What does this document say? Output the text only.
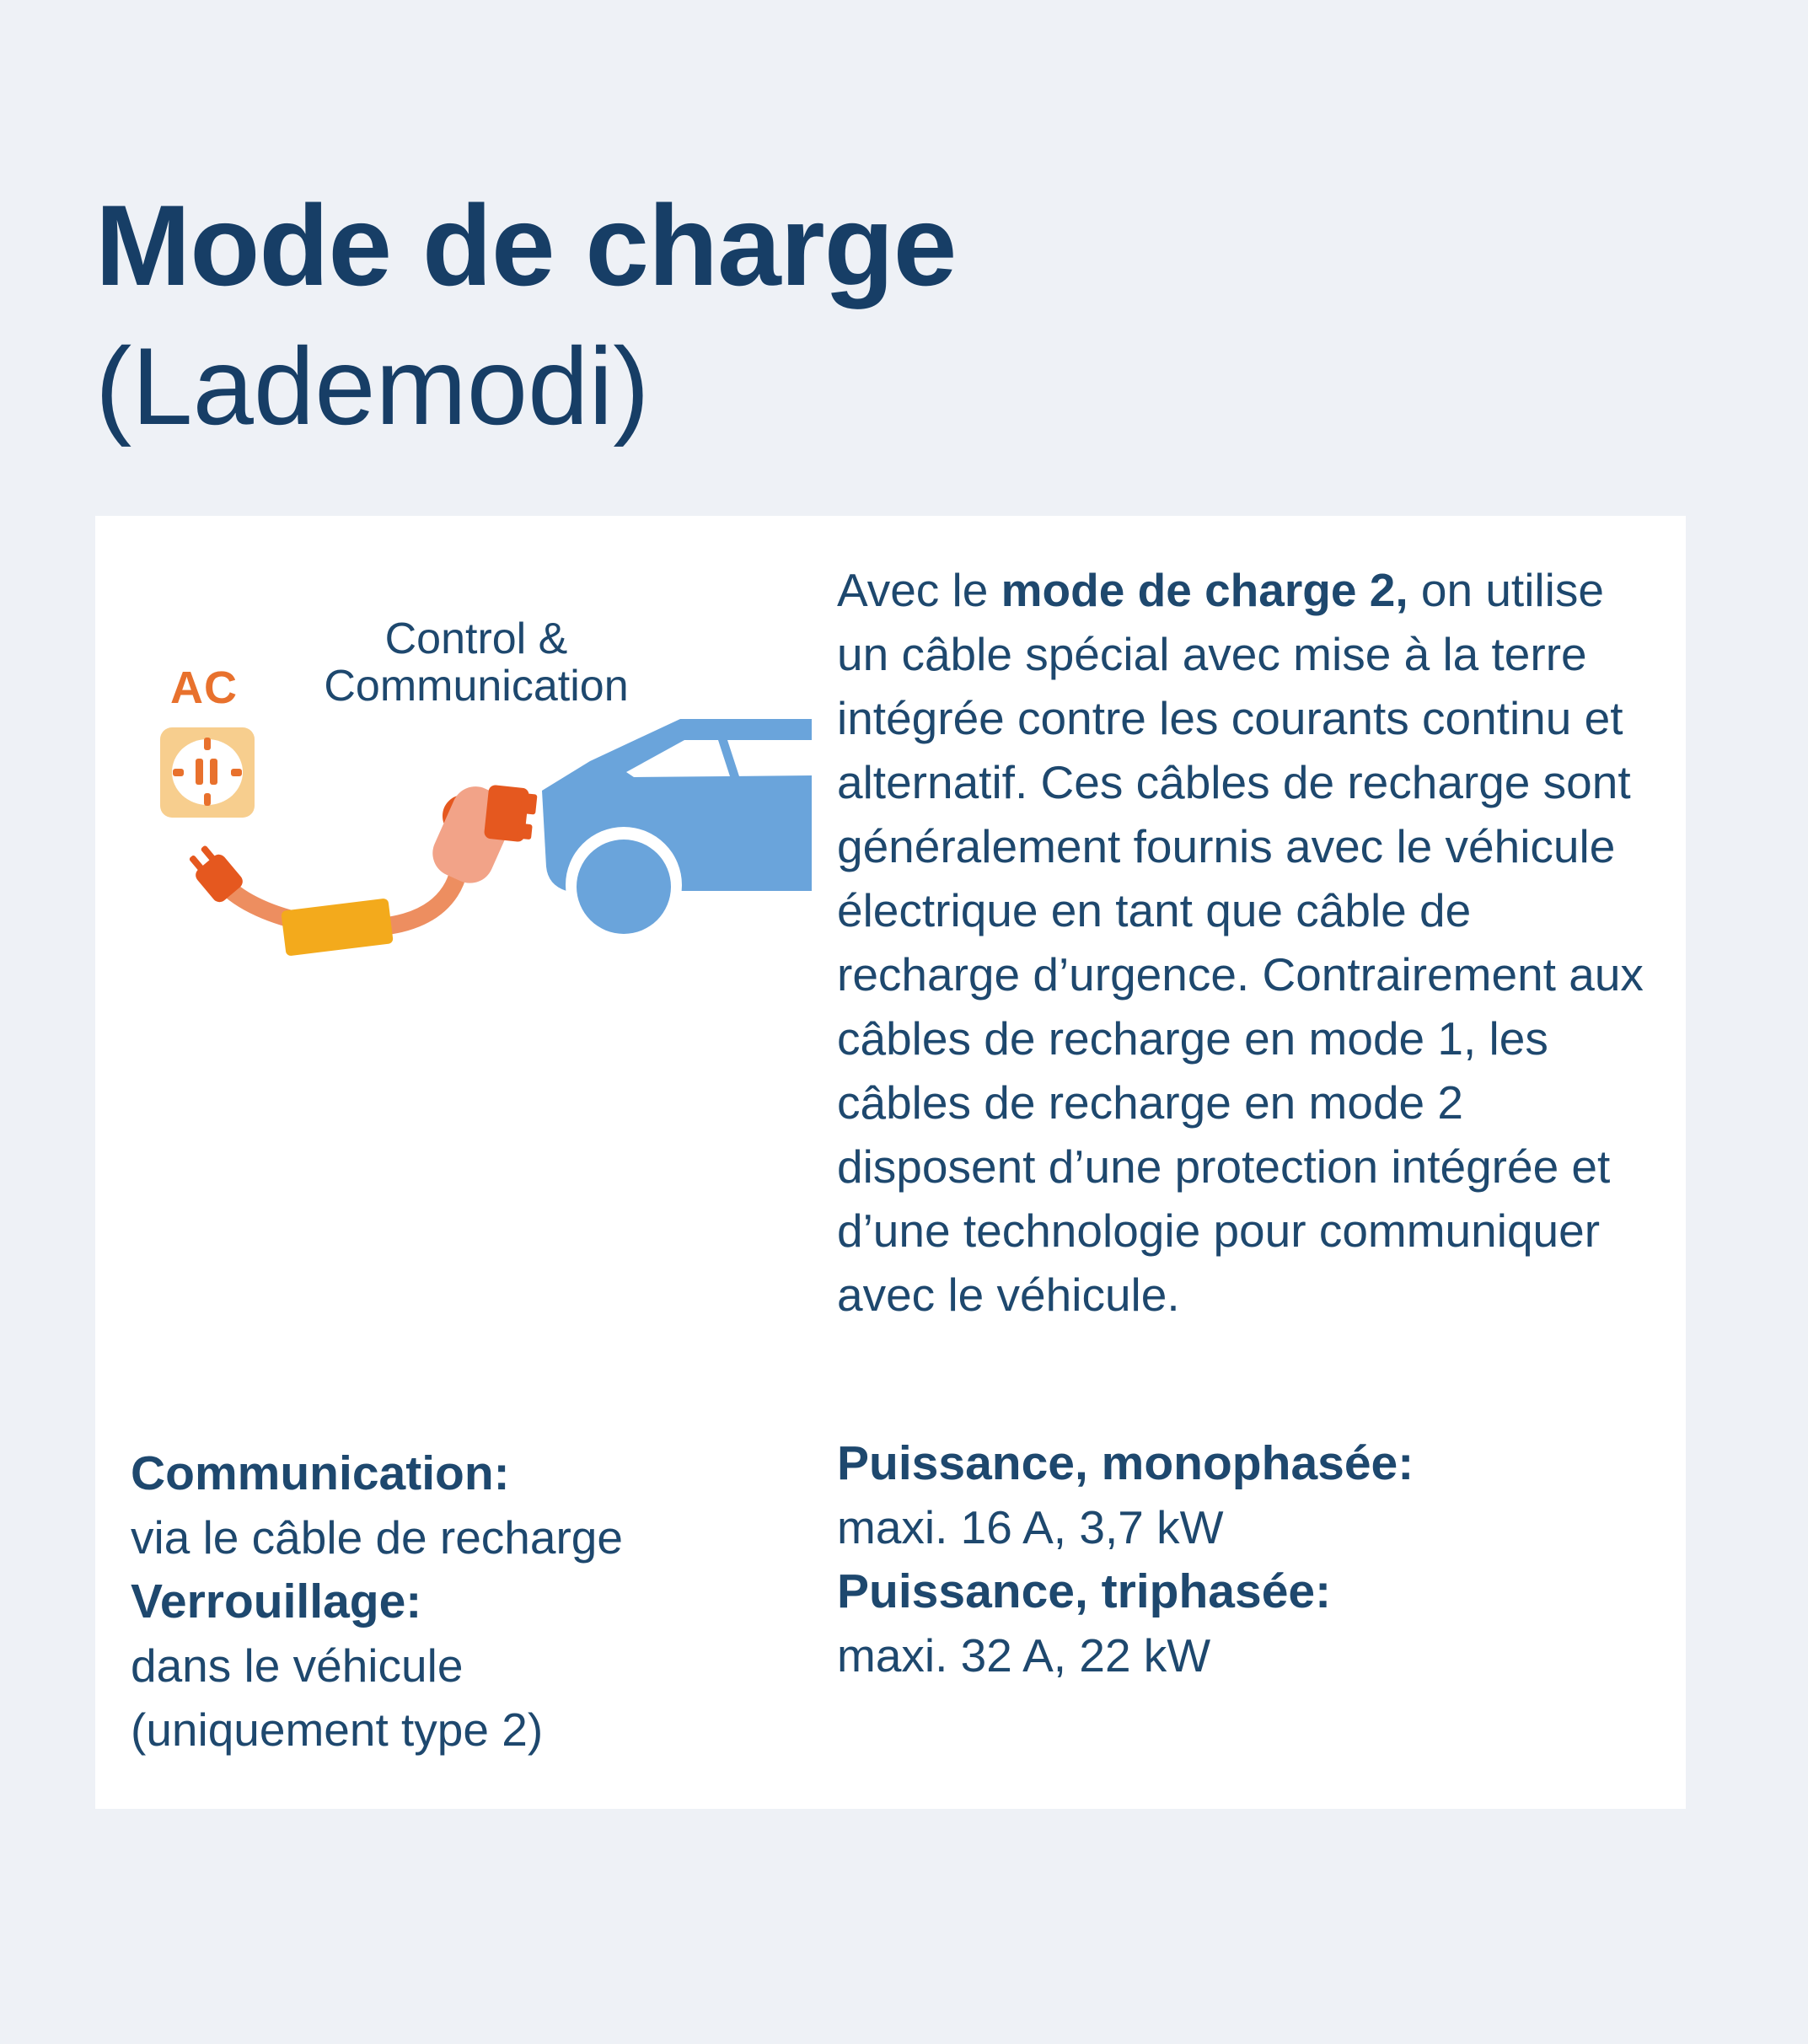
Mode de charge
(Lademodi)
AC
Control &
Communication
Avec le mode de charge 2, on utilise un câble spécial avec mise à la terre intégrée contre les courants continu et alternatif. Ces câbles de recharge sont généralement fournis avec le véhicule électrique en tant que câble de recharge d’urgence. Contrairement aux câbles de recharge en mode 1, les câbles de recharge en mode 2 disposent d’une protection intégrée et d’une technologie pour communiquer avec le véhicule.
Communication:
via le câble de recharge
Verrouillage:
dans le véhicule
(uniquement type 2)
Puissance, monophasée:
maxi. 16 A, 3,7 kW
Puissance, triphasée:
maxi. 32 A, 22 kW
